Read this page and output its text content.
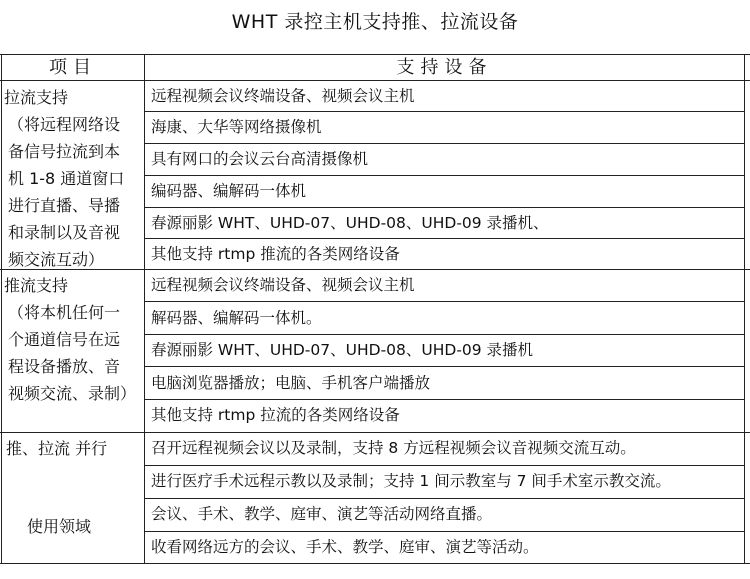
WHT 录控主机支持推、拉流设备
项目	支持设备
拉流支持
（将远程网络设
备信号拉流到本
机 1-8 通道窗口
进行直播、导播
和录制以及音视
频交流互动）
远程视频会议终端设备、视频会议主机
海康、大华等网络摄像机
具有网口的会议云台高清摄像机
编码器、编解码一体机
春源丽影 WHT、UHD-07、UHD-08、UHD-09 录播机、
其他支持 rtmp 推流的各类网络设备
推流支持
（将本机任何一
个通道信号在远
程设备播放、音
视频交流、录制）
远程视频会议终端设备、视频会议主机
解码器、编解码一体机。
春源丽影 WHT、UHD-07、UHD-08、UHD-09 录播机
电脑浏览器播放；电脑、手机客户端播放
其他支持 rtmp 拉流的各类网络设备
推、拉流 并行
使用领域
召开远程视频会议以及录制，支持 8 方远程视频会议音视频交流互动。
进行医疗手术远程示教以及录制；支持 1 间示教室与 7 间手术室示教交流。
会议、手术、教学、庭审、演艺等活动网络直播。
收看网络远方的会议、手术、教学、庭审、演艺等活动。
